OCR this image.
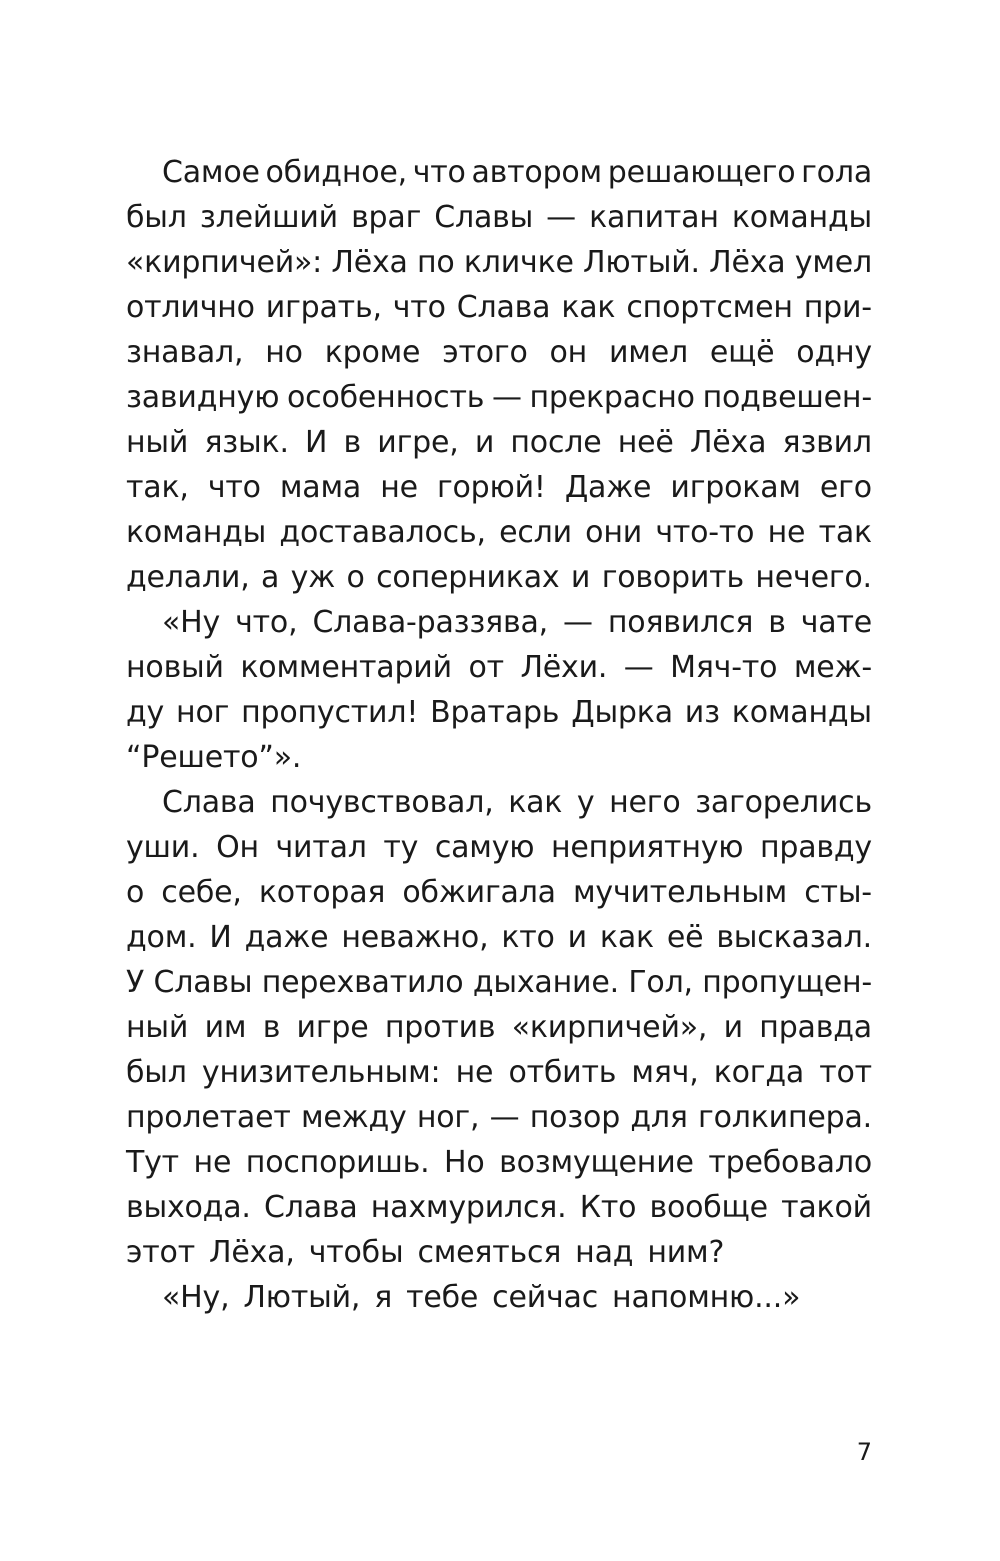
Самое обидное, что автором решающего гола
был злейший враг Славы — капитан команды
«кирпичей»: Лёха по кличке Лютый. Лёха умел
отлично играть, что Слава как спортсмен при-
знавал, но кроме этого он имел ещё одну
завидную особенность — прекрасно подвешен-
ный язык. И в игре, и после неё Лёха язвил
так, что мама не горюй! Даже игрокам его
команды доставалось, если они что-то не так
делали, а уж о соперниках и говорить нечего.
«Ну что, Слава-раззява, — появился в чате
новый комментарий от Лёхи. — Мяч-то меж-
ду ног пропустил! Вратарь Дырка из команды
“Решето”».
Слава почувствовал, как у него загорелись
уши. Он читал ту самую неприятную правду
о себе, которая обжигала мучительным сты-
дом. И даже неважно, кто и как её высказал.
У Славы перехватило дыхание. Гол, пропущен-
ный им в игре против «кирпичей», и правда
был унизительным: не отбить мяч, когда тот
пролетает между ног, — позор для голкипера.
Тут не поспоришь. Но возмущение требовало
выхода. Слава нахмурился. Кто вообще такой
этот Лёха, чтобы смеяться над ним?
«Ну, Лютый, я тебе сейчас напомню...»
7
